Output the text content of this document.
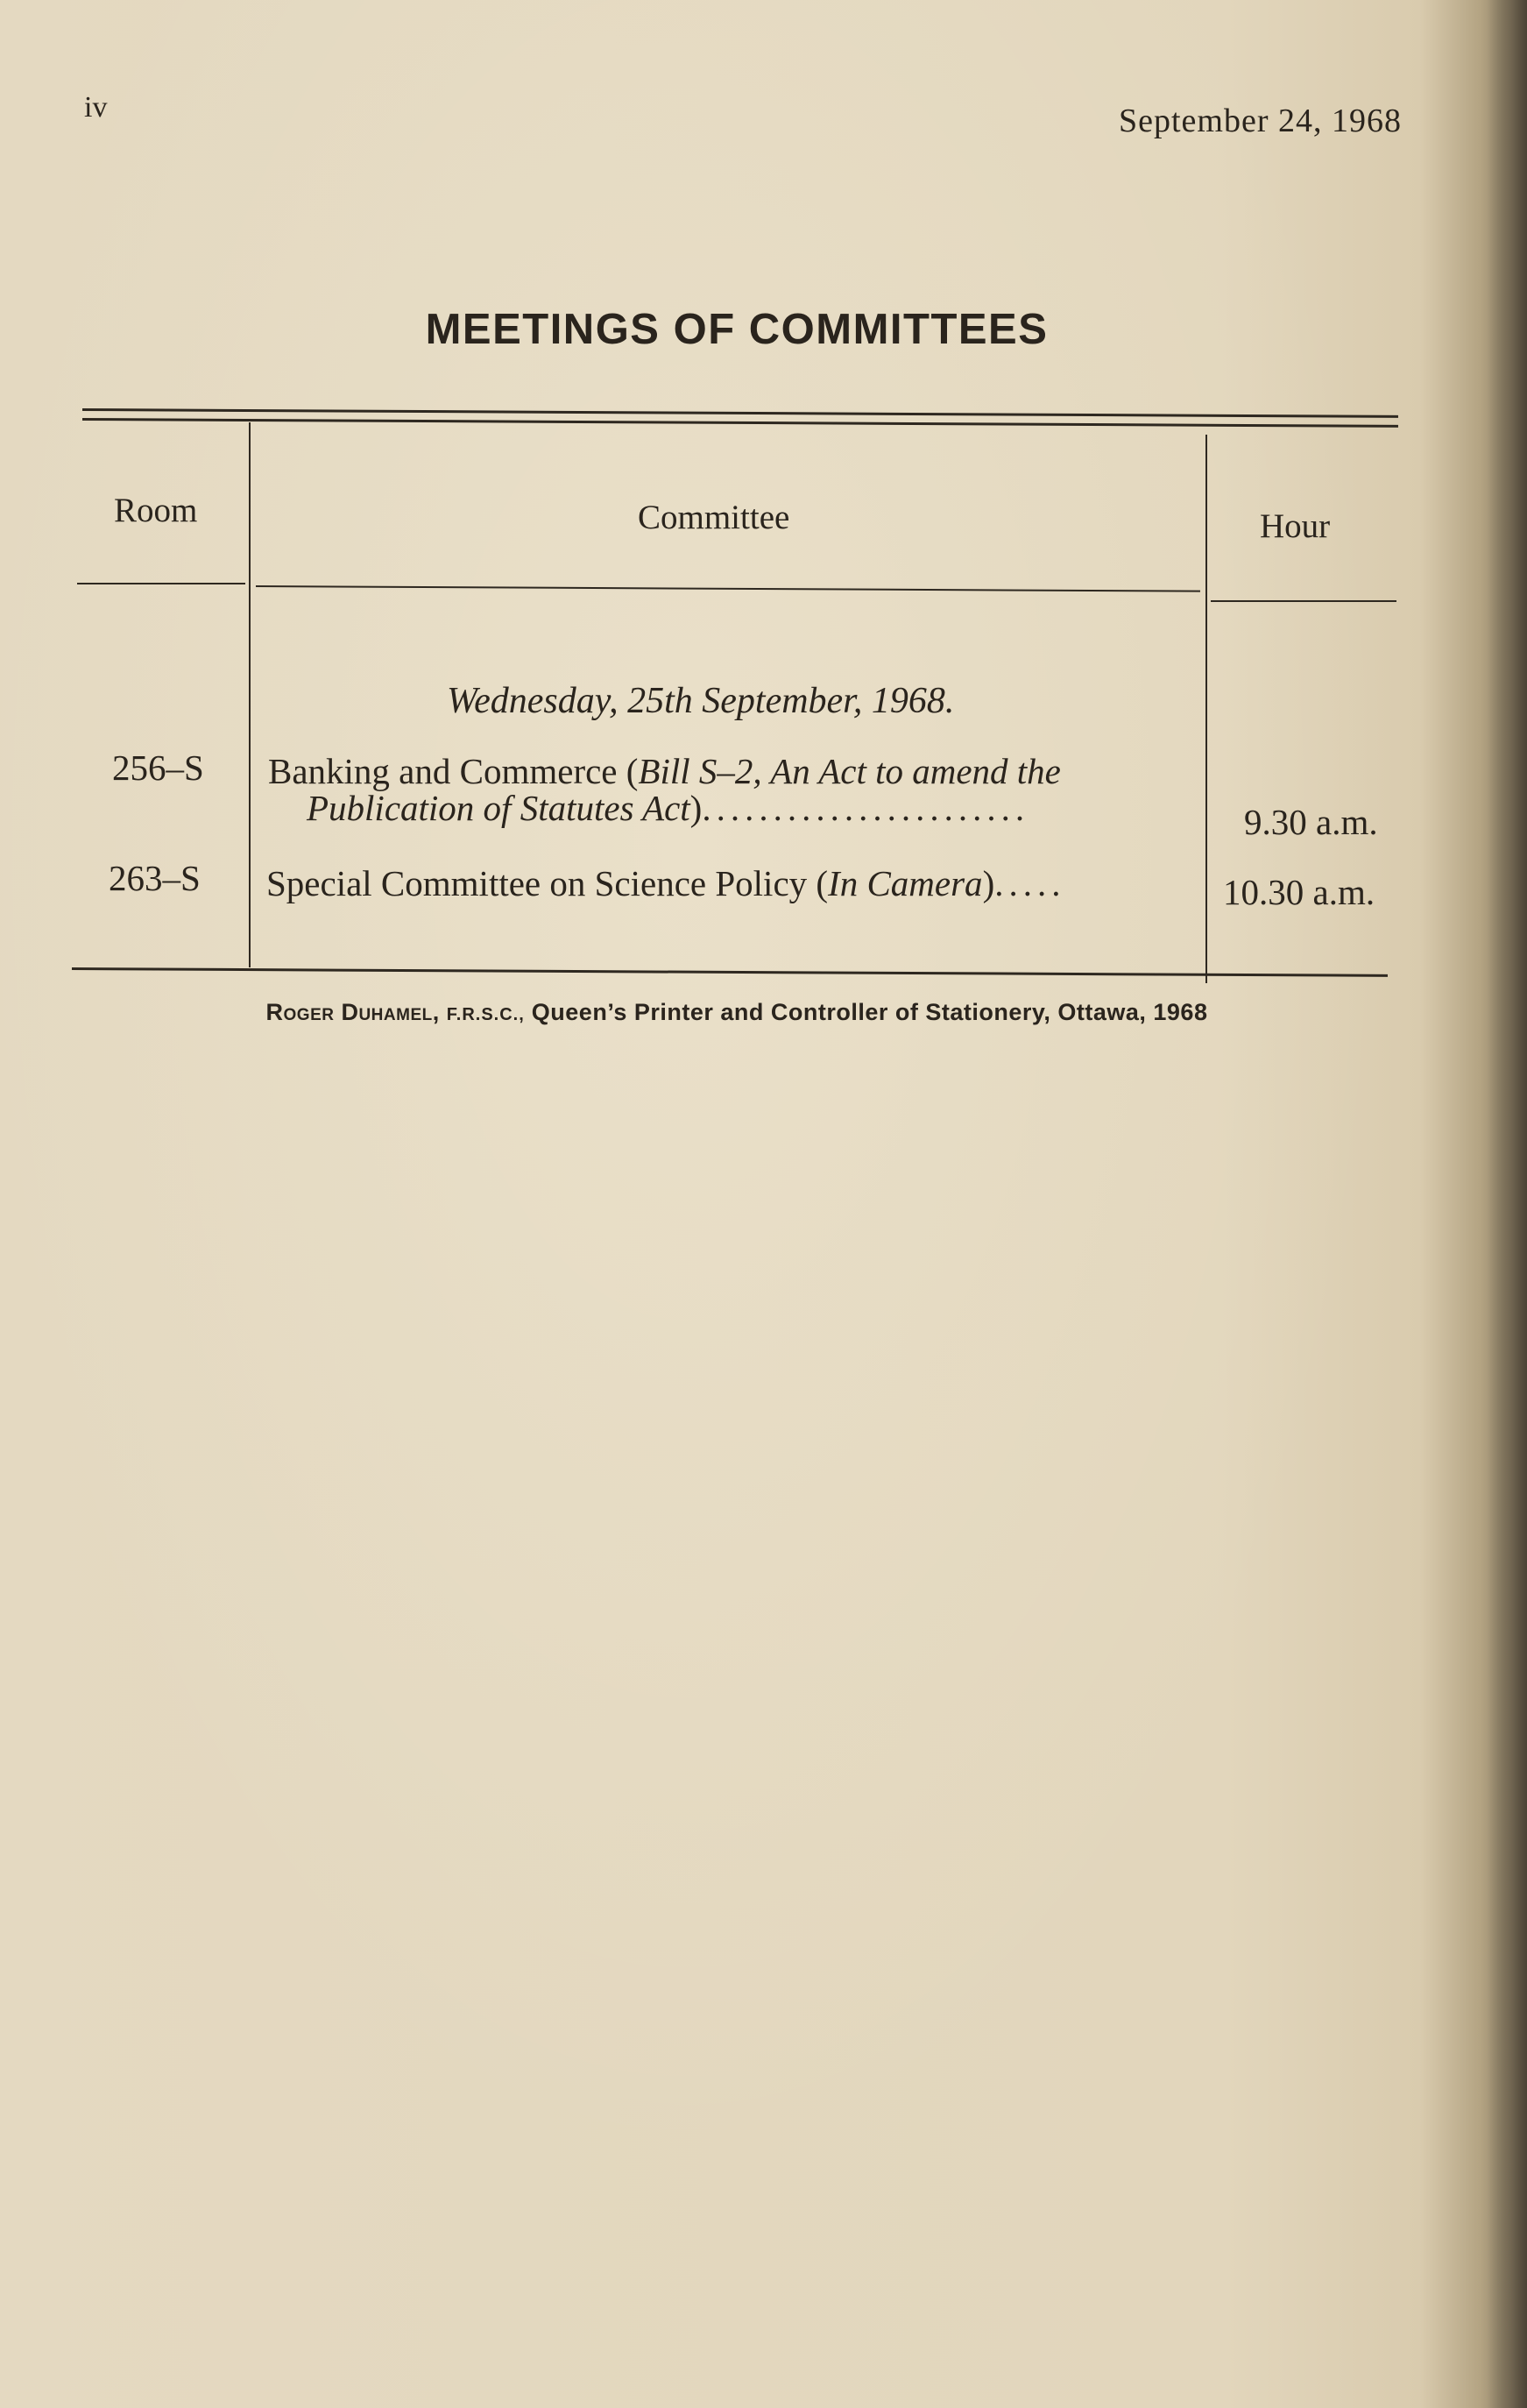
iv	September 24, 1968
MEETINGS OF COMMITTEES
Room	Committee	Hour
Wednesday, 25th September, 1968.
256–S Banking and Commerce (Bill S–2, An Act to amend the
Publication of Statutes Act).......................	9.30 a.m.
263–S Special Committee on Science Policy (In Camera).....	10.30 a.m.
Roger Duhamel, F.R.S.C., Queen’s Printer and Controller of Stationery, Ottawa, 1968
